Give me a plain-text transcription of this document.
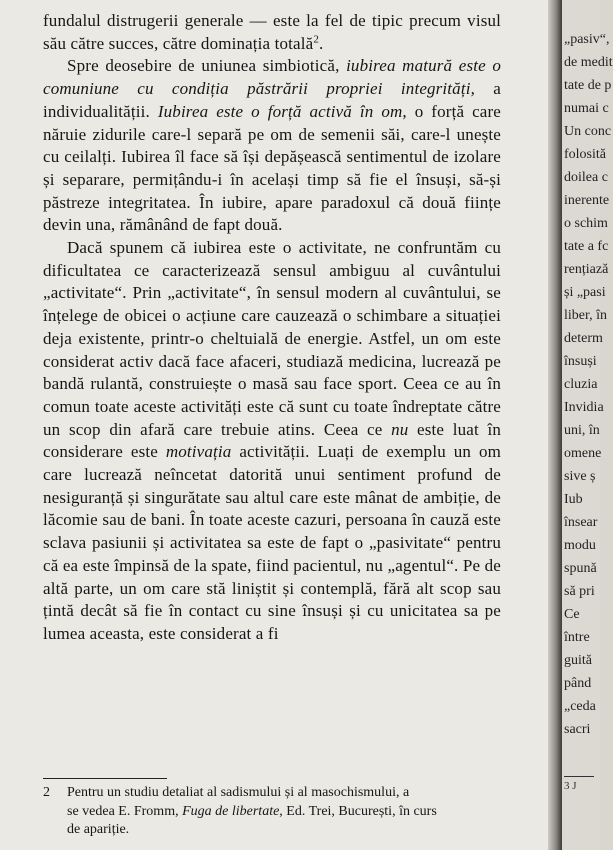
fundalul distrugerii generale — este la fel de tipic precum visul său către succes, către dominația totală$^2$.

Spre deosebire de uniunea simbiotică, iubirea matură este o comuniune cu condiția păstrării propriei integrități, a individualității. Iubirea este o forță activă în om, o forță care năruie zidurile care-l separă pe om de semenii săi, care-l unește cu ceilalți. Iubirea îl face să își depășească sentimentul de izolare și separare, permițându-i în același timp să fie el însuși, să-și păstreze integritatea. În iubire, apare paradoxul că două ființe devin una, rămânând de fapt două.

Dacă spunem că iubirea este o activitate, ne confruntăm cu dificultatea ce caracterizează sensul ambiguu al cuvântului „activitate“. Prin „activitate“, în sensul modern al cuvântului, se înțelege de obicei o acțiune care cauzează o schimbare a situației deja existente, printr-o cheltuială de energie. Astfel, un om este considerat activ dacă face afaceri, studiază medicina, lucrează pe bandă rulantă, construiește o masă sau face sport. Ceea ce au în comun toate aceste activități este că sunt cu toate îndreptate către un scop din afară care trebuie atins. Ceea ce nu este luat în considerare este motivația activității. Luați de exemplu un om care lucrează neîncetat datorită unui sentiment profund de nesiguranță și singurătate sau altul care este mânat de ambiție, de lăcomie sau de bani. În toate aceste cazuri, persoana în cauză este sclava pasiunii și activitatea sa este de fapt o „pasivitate“ pentru că ea este împinsă de la spate, fiind pacientul, nu „agentul“. Pe de altă parte, un om care stă liniștit și contemplă, fără alt scop sau țintă decât să fie în contact cu sine însuși și cu unicitatea sa pe lumea aceasta, este considerat a fi

2 Pentru un studiu detaliat al sadismului și al masochismului, a
se vedea E. Fromm, Fuga de libertate, Ed. Trei, București, în curs
de apariție.
„pasiv“,
de medit
tate de p
numai c
Un conc
folosită
doilea c
inerente
o schim
tate a fc
rențiază
și „pasi
liber, în
determ
însuși
cluzia
Invidia
uni, în
omene
sive ș
Iub
însear
modu
spună
să pri
Ce
între
guită
pând
„ceda
sacri
3 J
